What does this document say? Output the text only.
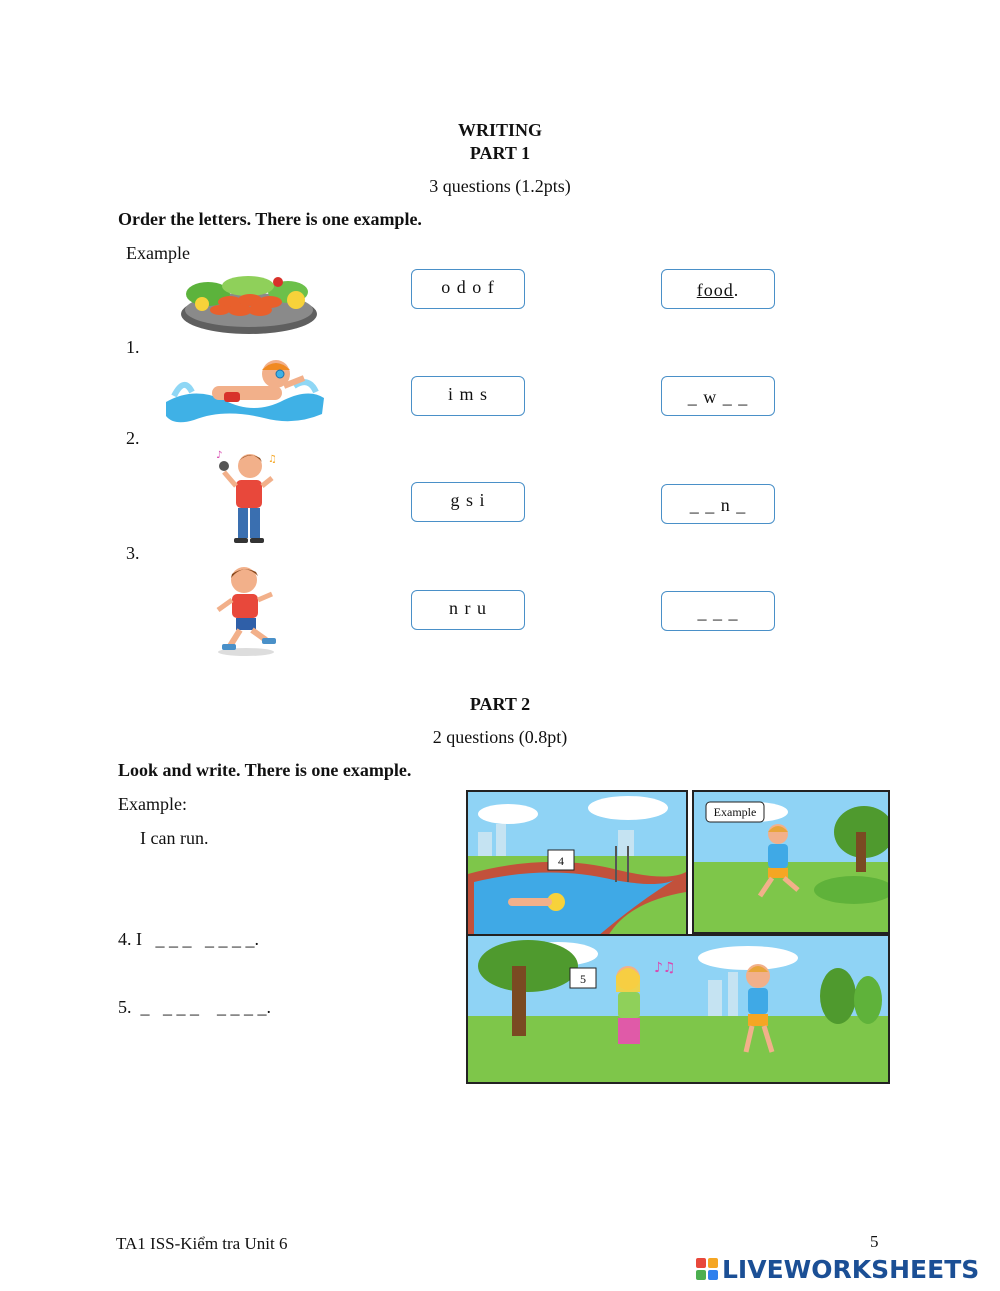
WRITING
PART 1
3 questions (1.2pts)
Order the letters. There is one example.
Example
o d o f	food.
1.
i m s	_ w _ _
2.
♪	♫
g s i	_ _ n _
3.
n r u	_ _ _
PART 2
2 questions (0.8pt)
Look and write. There is one example.
Example:
I can run.
4. I   _ _ _   _ _ _ _.
5.  _   _ _ _    _ _ _ _.
4
Example
♪♫
5
TA1 ISS-Kiểm tra Unit 6	5
LIVEWORKSHEETS
